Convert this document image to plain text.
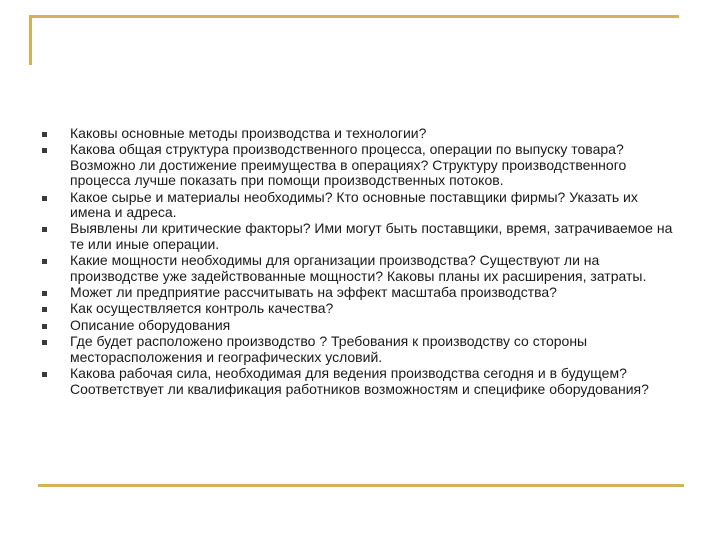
Каковы основные методы производства и технологии?
Какова общая структура производственного процесса, операции по выпуску товара? Возможно ли достижение преимущества в операциях? Структуру производственного процесса лучше показать при помощи производственных потоков.
Какое сырье и материалы необходимы? Кто основные поставщики фирмы? Указать их имена и адреса.
Выявлены ли критические факторы? Ими могут быть поставщики, время, затрачиваемое на те или иные операции.
Какие мощности необходимы для организации производства? Существуют ли на производстве уже задействованные мощности? Каковы планы их расширения, затраты.
Может ли предприятие рассчитывать на эффект масштаба производства?
Как осуществляется контроль качества?
Описание оборудования
Где будет расположено производство ? Требования к производству со стороны месторасположения и географических условий.
Какова рабочая сила, необходимая для ведения производства сегодня и в будущем? Соответствует ли квалификация работников возможностям и специфике оборудования?
